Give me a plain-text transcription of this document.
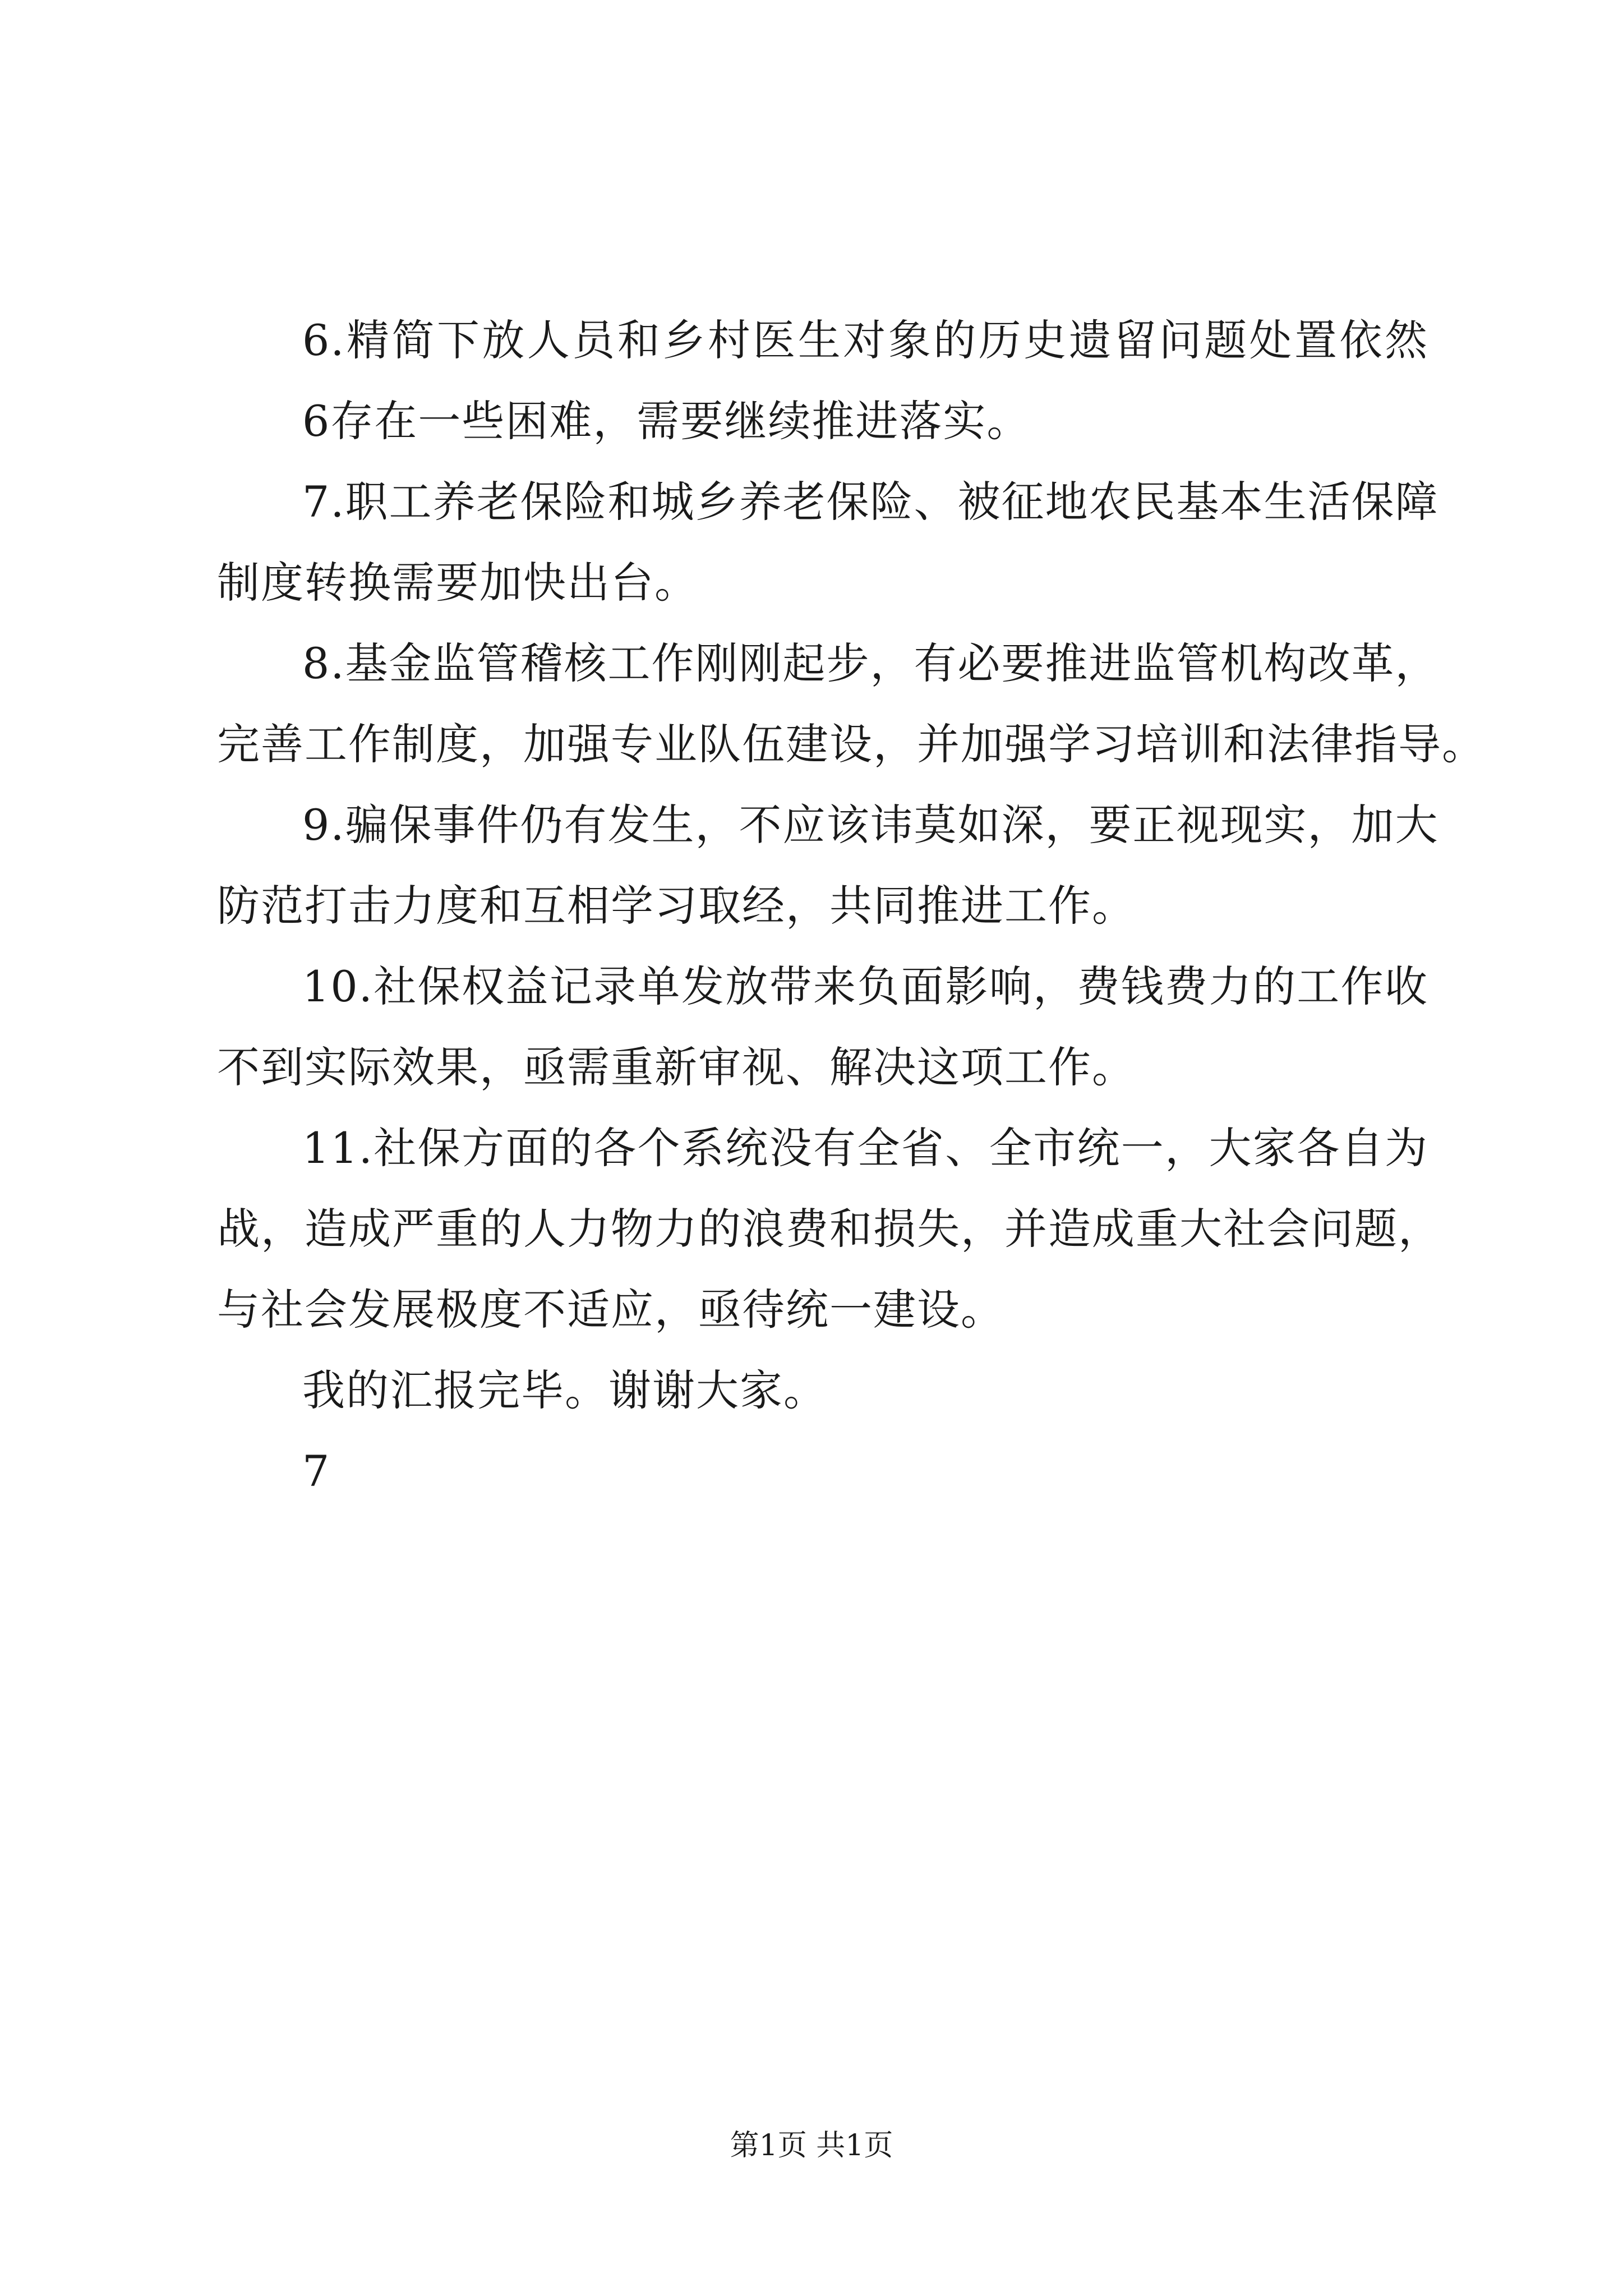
6.精简下放人员和乡村医生对象的历史遗留问题处置依然
6存在一些困难，需要继续推进落实。
7.职工养老保险和城乡养老保险、被征地农民基本生活保障
制度转换需要加快出台。
8.基金监管稽核工作刚刚起步，有必要推进监管机构改革，
完善工作制度，加强专业队伍建设，并加强学习培训和法律指导。
9.骗保事件仍有发生，不应该讳莫如深，要正视现实，加大
防范打击力度和互相学习取经，共同推进工作。
10.社保权益记录单发放带来负面影响，费钱费力的工作收
不到实际效果，亟需重新审视、解决这项工作。
11.社保方面的各个系统没有全省、全市统一，大家各自为
战，造成严重的人力物力的浪费和损失，并造成重大社会问题，
与社会发展极度不适应，亟待统一建设。
我的汇报完毕。谢谢大家。
7
第1页 共1页
